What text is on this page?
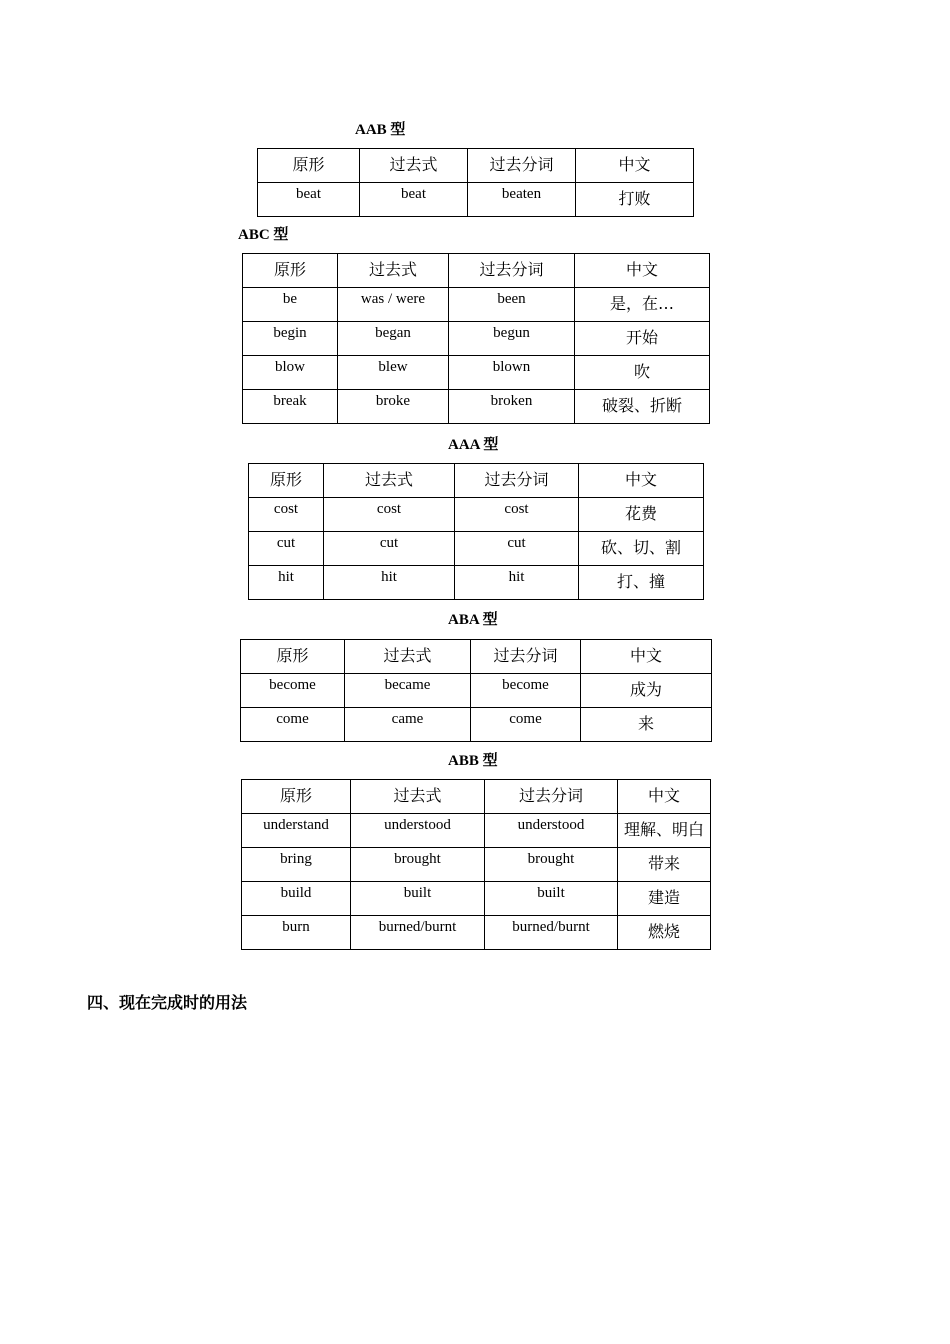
AAB 型
原形	过去式	过去分词	中文
beat	beat	beaten	打败
ABC 型
原形	过去式	过去分词	中文
be	was / were	been	是，在…
begin	began	begun	开始
blow	blew	blown	吹
break	broke	broken	破裂、折断
AAA 型
原形	过去式	过去分词	中文
cost	cost	cost	花费
cut	cut	cut	砍、切、割
hit	hit	hit	打、撞
ABA 型
原形	过去式	过去分词	中文
become	became	become	成为
come	came	come	来
ABB 型
原形	过去式	过去分词	中文
understand	understood	understood	理解、明白
bring	brought	brought	带来
build	built	built	建造
burn	burned/burnt	burned/burnt	燃烧
四、现在完成时的用法
